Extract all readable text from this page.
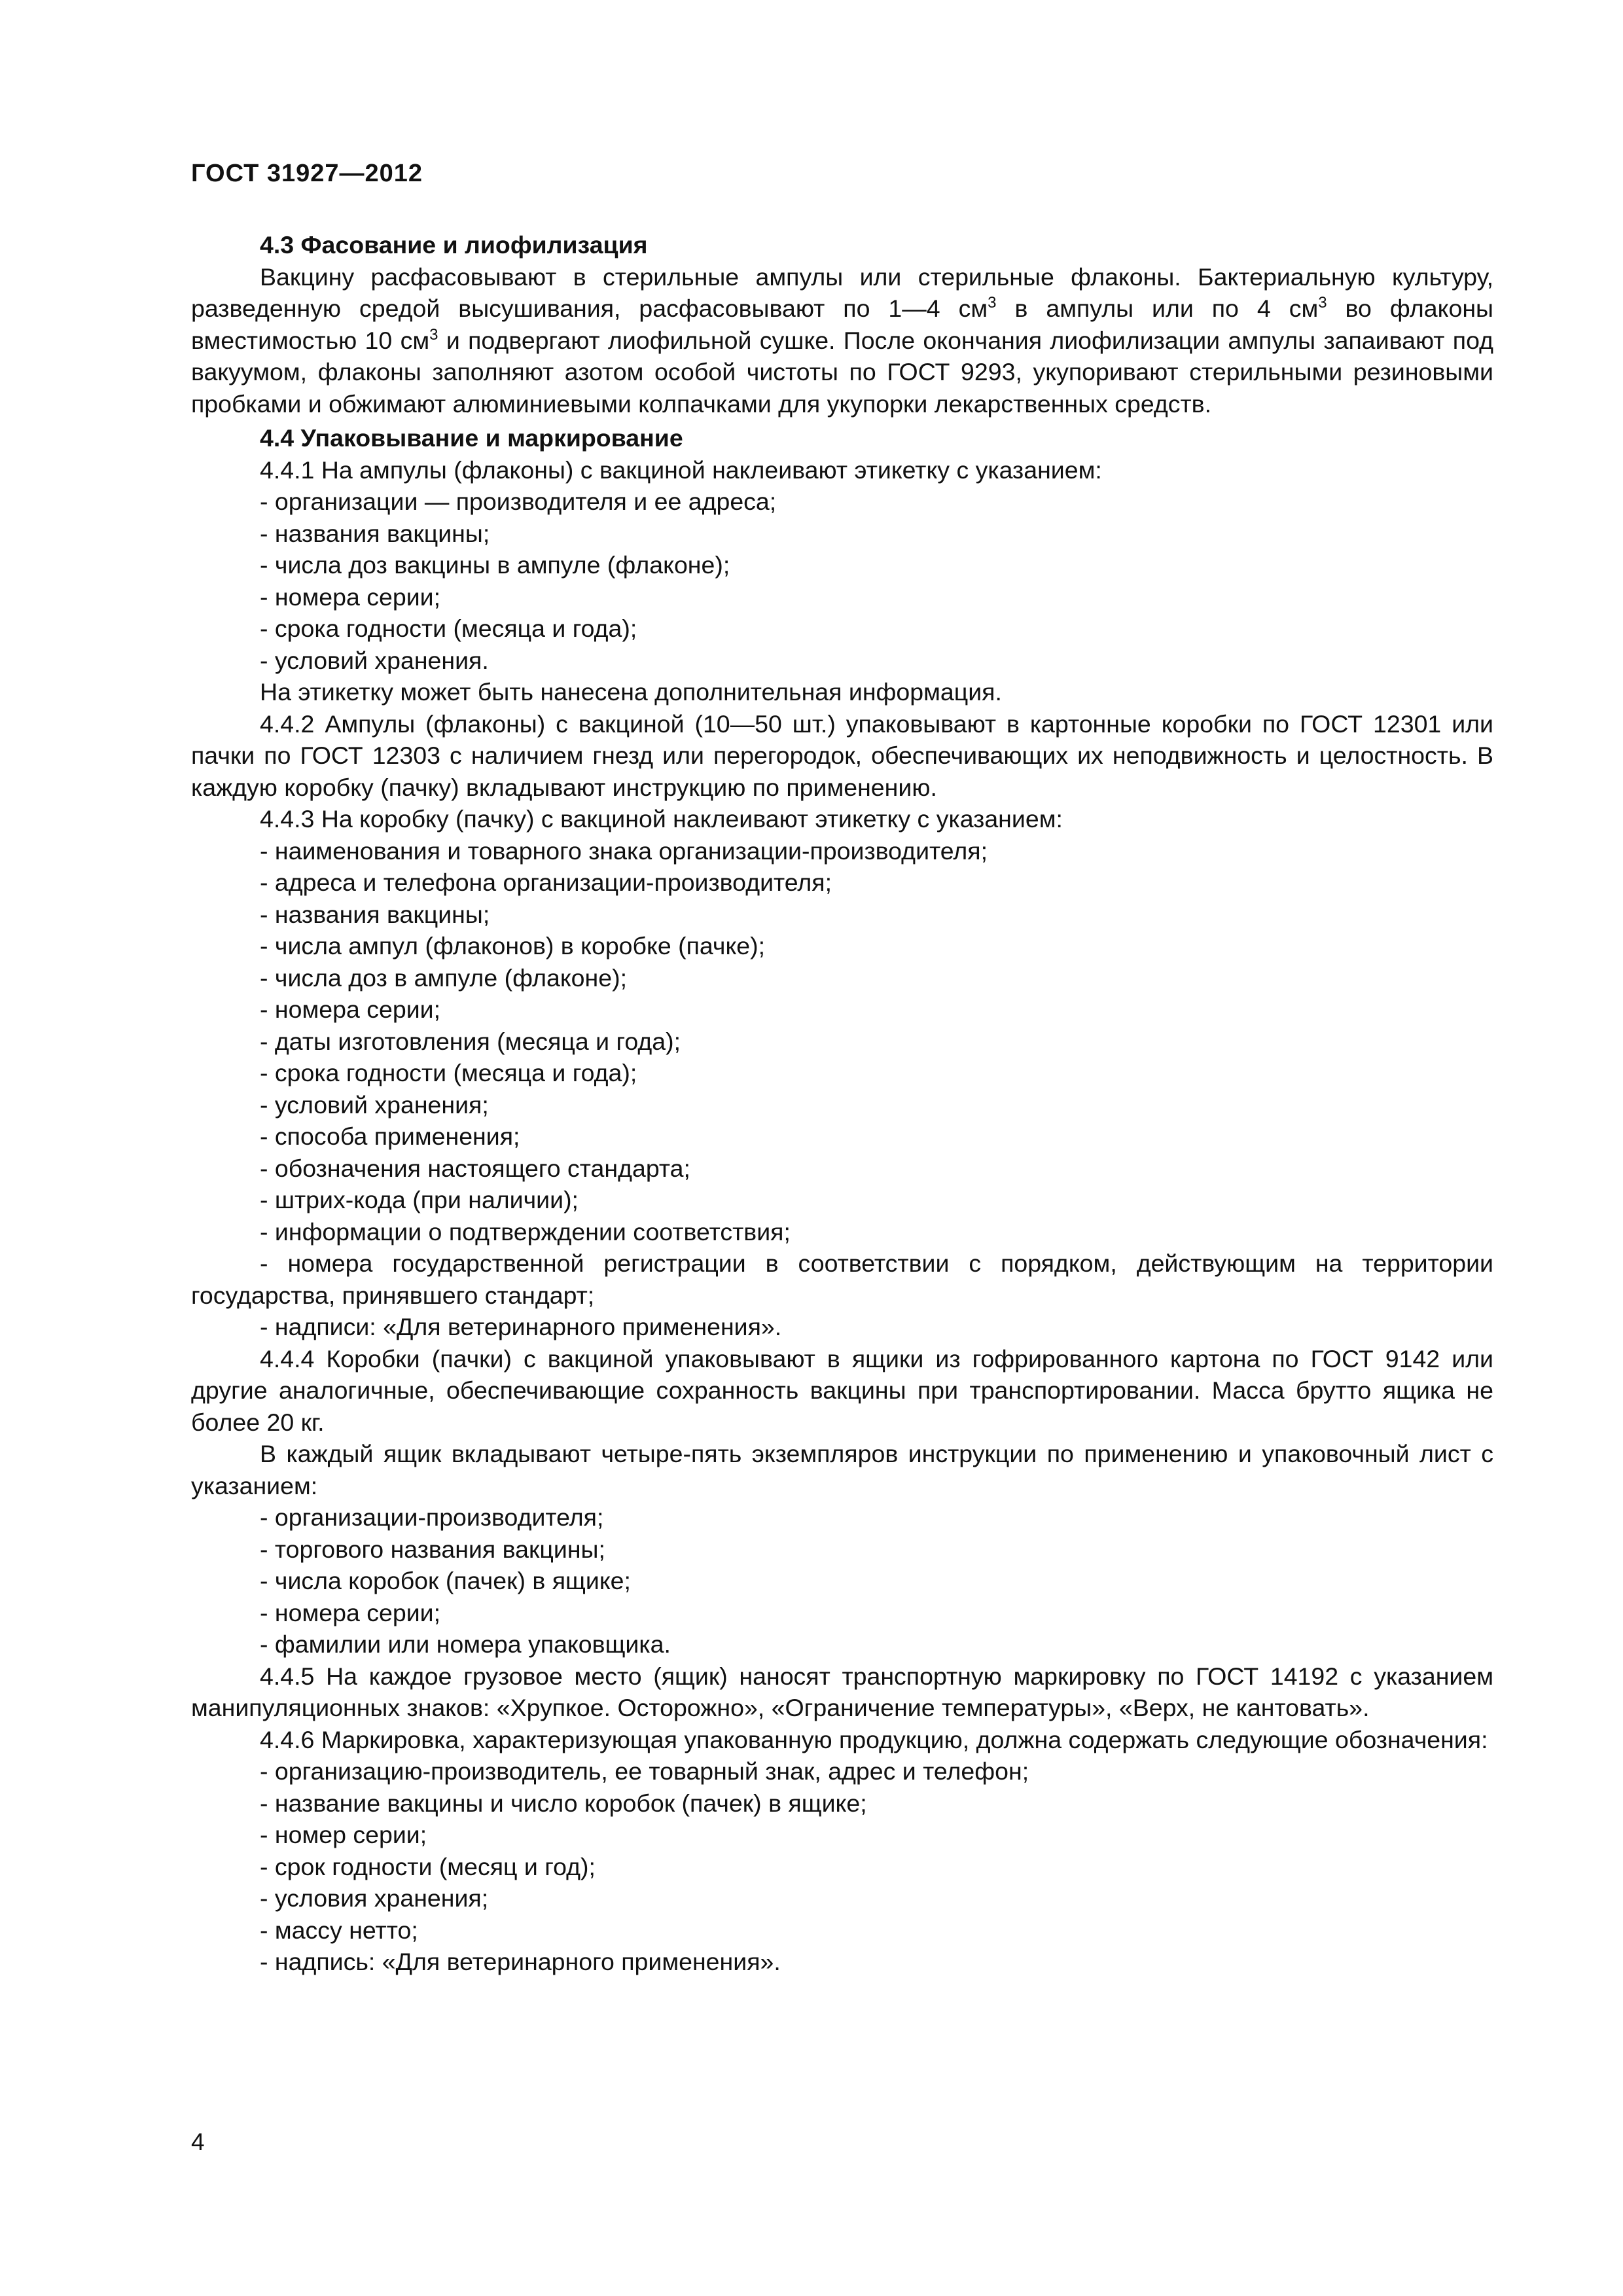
ГОСТ 31927—2012

4.3 Фасование и лиофилизация

Вакцину расфасовывают в стерильные ампулы или стерильные флаконы. Бактериальную культуру, разведенную средой высушивания, расфасовывают по 1—4 $см^3$ в ампулы или по 4 $см^3$ во флаконы вместимостью 10 $см^3$ и подвергают лиофильной сушке. После окончания лиофилизации ампулы запаивают под вакуумом, флаконы заполняют азотом особой чистоты по ГОСТ 9293, укупоривают стерильными резиновыми пробками и обжимают алюминиевыми колпачками для укупорки лекарственных средств.

4.4 Упаковывание и маркирование

4.4.1 На ампулы (флаконы) с вакциной наклеивают этикетку с указанием:

- организации — производителя и ее адреса;

- названия вакцины;

- числа доз вакцины в ампуле (флаконе);

- номера серии;

- срока годности (месяца и года);

- условий хранения.

На этикетку может быть нанесена дополнительная информация.

4.4.2 Ампулы (флаконы) с вакциной (10—50 шт.) упаковывают в картонные коробки по ГОСТ 12301 или пачки по ГОСТ 12303 с наличием гнезд или перегородок, обеспечивающих их неподвижность и целостность. В каждую коробку (пачку) вкладывают инструкцию по применению.

4.4.3 На коробку (пачку) с вакциной наклеивают этикетку с указанием:

- наименования и товарного знака организации-производителя;

- адреса и телефона организации-производителя;

- названия вакцины;

- числа ампул (флаконов) в коробке (пачке);

- числа доз в ампуле (флаконе);

- номера серии;

- даты изготовления (месяца и года);

- срока годности (месяца и года);

- условий хранения;

- способа применения;

- обозначения настоящего стандарта;

- штрих-кода (при наличии);

- информации о подтверждении соответствия;

- номера государственной регистрации в соответствии с порядком, действующим на территории государства, принявшего стандарт;

- надписи: «Для ветеринарного применения».

4.4.4 Коробки (пачки) с вакциной упаковывают в ящики из гофрированного картона по ГОСТ 9142 или другие аналогичные, обеспечивающие сохранность вакцины при транспортировании. Масса брутто ящика не более 20 кг.

В каждый ящик вкладывают четыре-пять экземпляров инструкции по применению и упаковочный лист с указанием:

- организации-производителя;

- торгового названия вакцины;

- числа коробок (пачек) в ящике;

- номера серии;

- фамилии или номера упаковщика.

4.4.5 На каждое грузовое место (ящик) наносят транспортную маркировку по ГОСТ 14192 с указанием манипуляционных знаков: «Хрупкое. Осторожно», «Ограничение температуры», «Верх, не кантовать».

4.4.6 Маркировка, характеризующая упакованную продукцию, должна содержать следующие обозначения:

- организацию-производитель, ее товарный знак, адрес и телефон;

- название вакцины и число коробок (пачек) в ящике;

- номер серии;

- срок годности (месяц и год);

- условия хранения;

- массу нетто;

- надпись: «Для ветеринарного применения».

4
